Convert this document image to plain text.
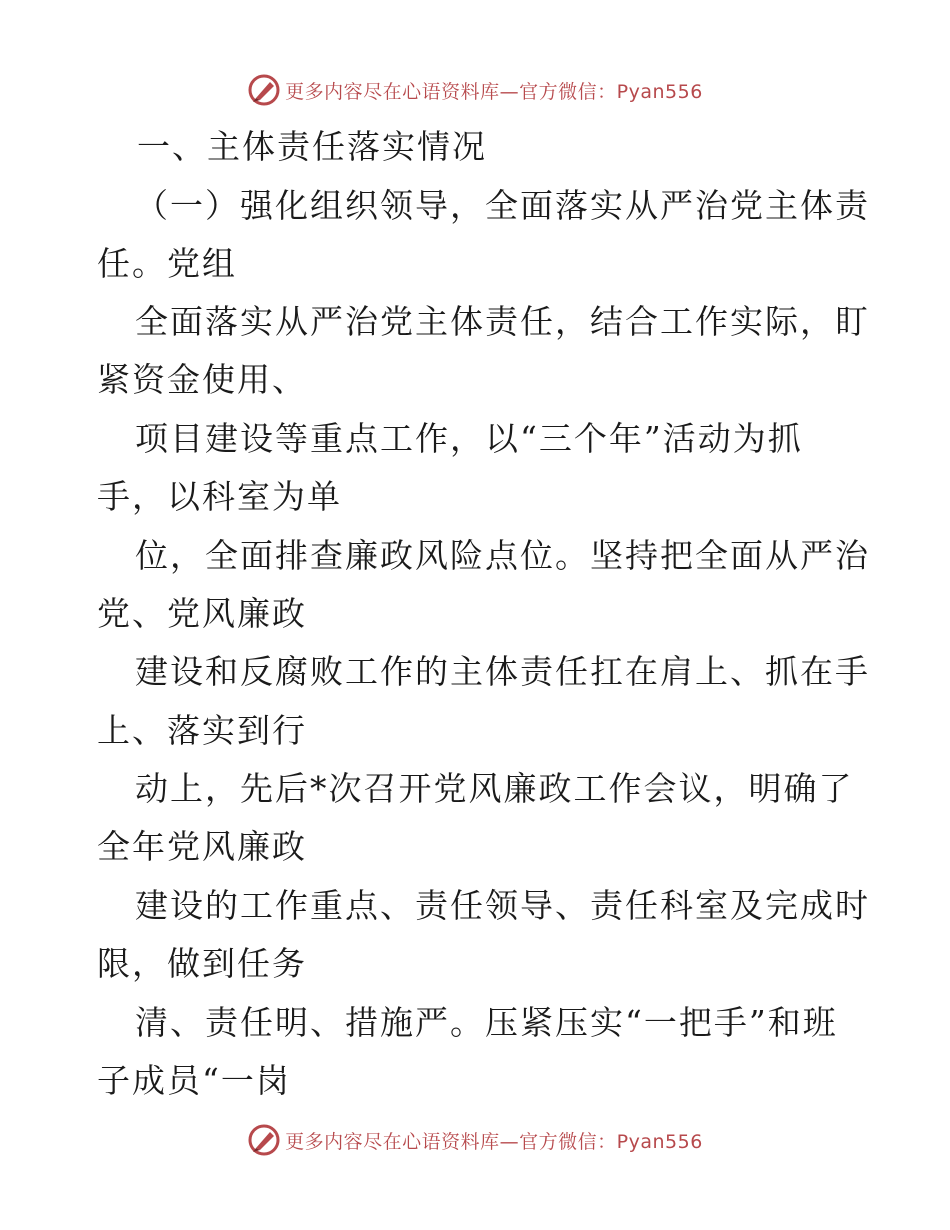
更多内容尽在心语资料库—官方微信：Pyan556
一、主体责任落实情况
（一）强化组织领导，全面落实从严治党主体责
任。党组
全面落实从严治党主体责任，结合工作实际，盯
紧资金使用、
项目建设等重点工作，以“三个年”活动为抓
手，以科室为单
位，全面排查廉政风险点位。坚持把全面从严治
党、党风廉政
建设和反腐败工作的主体责任扛在肩上、抓在手
上、落实到行
动上，先后*次召开党风廉政工作会议，明确了
全年党风廉政
建设的工作重点、责任领导、责任科室及完成时
限，做到任务
清、责任明、措施严。压紧压实“一把手”和班
子成员“一岗
更多内容尽在心语资料库—官方微信：Pyan556
